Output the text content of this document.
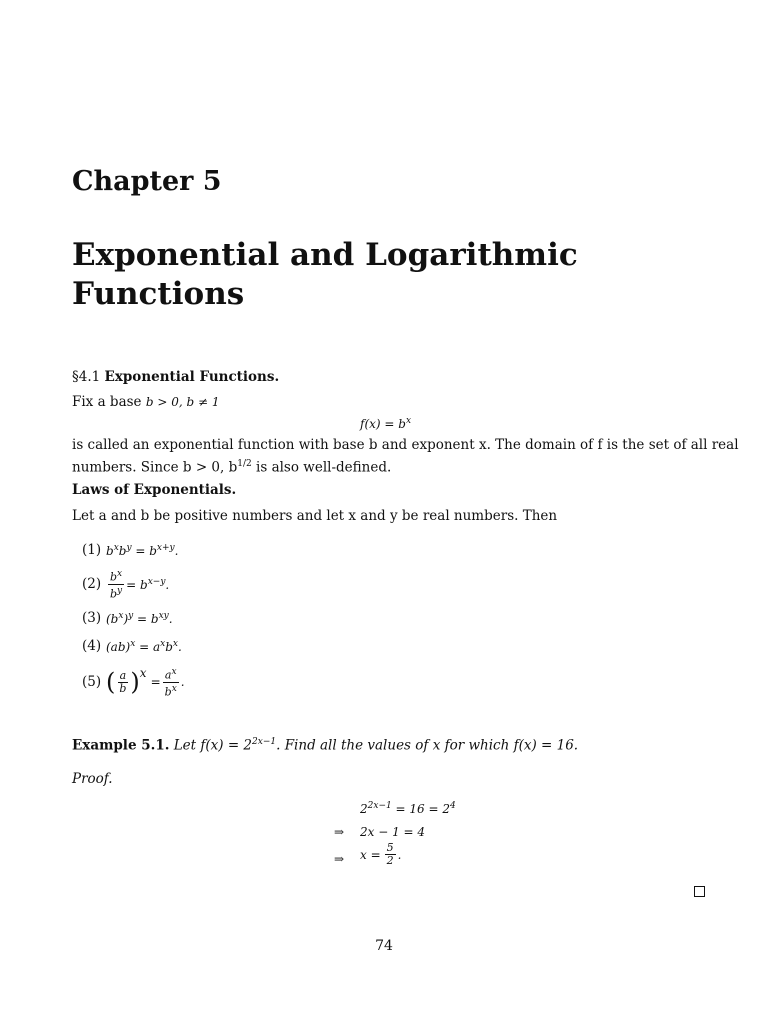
Chapter 5
Exponential and Logarithmic
Functions
§4.1 Exponential Functions.
Fix a base b > 0, b ≠ 1
$f(x) = b^x$
is called an exponential function with base b and exponent x. The domain of f is the set of all real
numbers. Since b > 0, $b^{1/2}$ is also well-defined.
Laws of Exponentials.
Let a and b be positive numbers and let x and y be real numbers. Then
(1) $b^xb^y = b^{x+y}$.
$(2) \frac{b^x}{b^y} = b^{x-y}$.
(3) $(b^x)^y = b^{xy}$.
(4) $(ab)^x = a^xb^x$.
(5) ( $\frac{a}{b}$ ) x
= $\frac{a^x}{b^x}$ .
Example 5.1. Let $f(x) = 2^{2x-1}$. Find all the values of x for which f(x) = 16.
Proof.
$2^{2x-1} = 16 = 2^4$
⇒ 2x − 1 = 4
⇒ $x = \frac{5}{2}$ .
74
